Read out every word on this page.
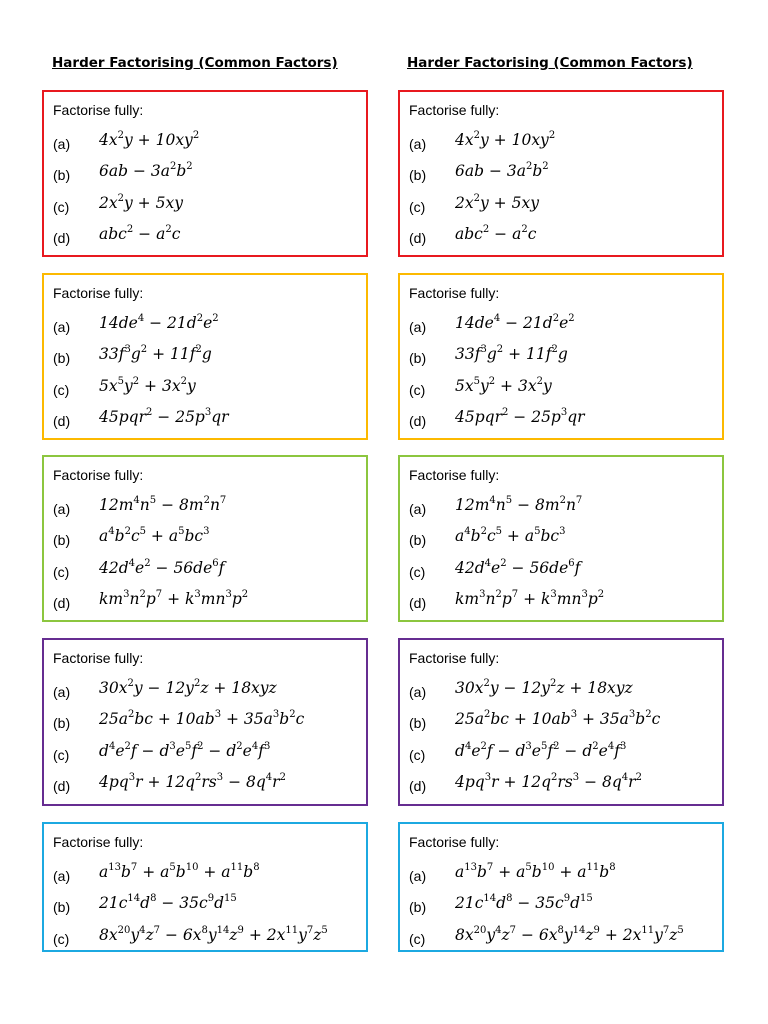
Harder Factorising (Common Factors)	Harder Factorising (Common Factors)
Factorise fully:
(a) $4x^2y + 10xy^2$
(b) $6ab - 3a^2b^2$
(c) $2x^2y + 5xy$
(d) $abc^2 - a^2c$
Factorise fully:
(a) $4x^2y + 10xy^2$
(b) $6ab - 3a^2b^2$
(c) $2x^2y + 5xy$
(d) $abc^2 - a^2c$
Factorise fully:
(a) $14de^4 - 21d^2e^2$
(b) $33f^3g^2 + 11f^2g$
(c) $5x^5y^2 + 3x^2y$
(d) $45pqr^2 - 25p^3qr$
Factorise fully:
(a) $14de^4 - 21d^2e^2$
(b) $33f^3g^2 + 11f^2g$
(c) $5x^5y^2 + 3x^2y$
(d) $45pqr^2 - 25p^3qr$
Factorise fully:
(a) $12m^4n^5 - 8m^2n^7$
(b) $a^4b^2c^5 + a^5bc^3$
(c) $42d^4e^2 - 56de^6f$
(d) $km^3n^2p^7 + k^3mn^3p^2$
Factorise fully:
(a) $12m^4n^5 - 8m^2n^7$
(b) $a^4b^2c^5 + a^5bc^3$
(c) $42d^4e^2 - 56de^6f$
(d) $km^3n^2p^7 + k^3mn^3p^2$
Factorise fully:
(a) $30x^2y - 12y^2z + 18xyz$
(b) $25a^2bc + 10ab^3 + 35a^3b^2c$
(c) $d^4e^2f - d^3e^5f^2 - d^2e^4f^3$
(d) $4pq^3r + 12q^2rs^3 - 8q^4r^2$
Factorise fully:
(a) $30x^2y - 12y^2z + 18xyz$
(b) $25a^2bc + 10ab^3 + 35a^3b^2c$
(c) $d^4e^2f - d^3e^5f^2 - d^2e^4f^3$
(d) $4pq^3r + 12q^2rs^3 - 8q^4r^2$
Factorise fully:
(a) $a^{13}b^7 + a^5b^{10} + a^{11}b^8$
(b) $21c^{14}d^8 - 35c^9d^{15}$
(c) $8x^{20}y^4z^7 - 6x^8y^{14}z^9 + 2x^{11}y^7z^5$
Factorise fully:
(a) $a^{13}b^7 + a^5b^{10} + a^{11}b^8$
(b) $21c^{14}d^8 - 35c^9d^{15}$
(c) $8x^{20}y^4z^7 - 6x^8y^{14}z^9 + 2x^{11}y^7z^5$
